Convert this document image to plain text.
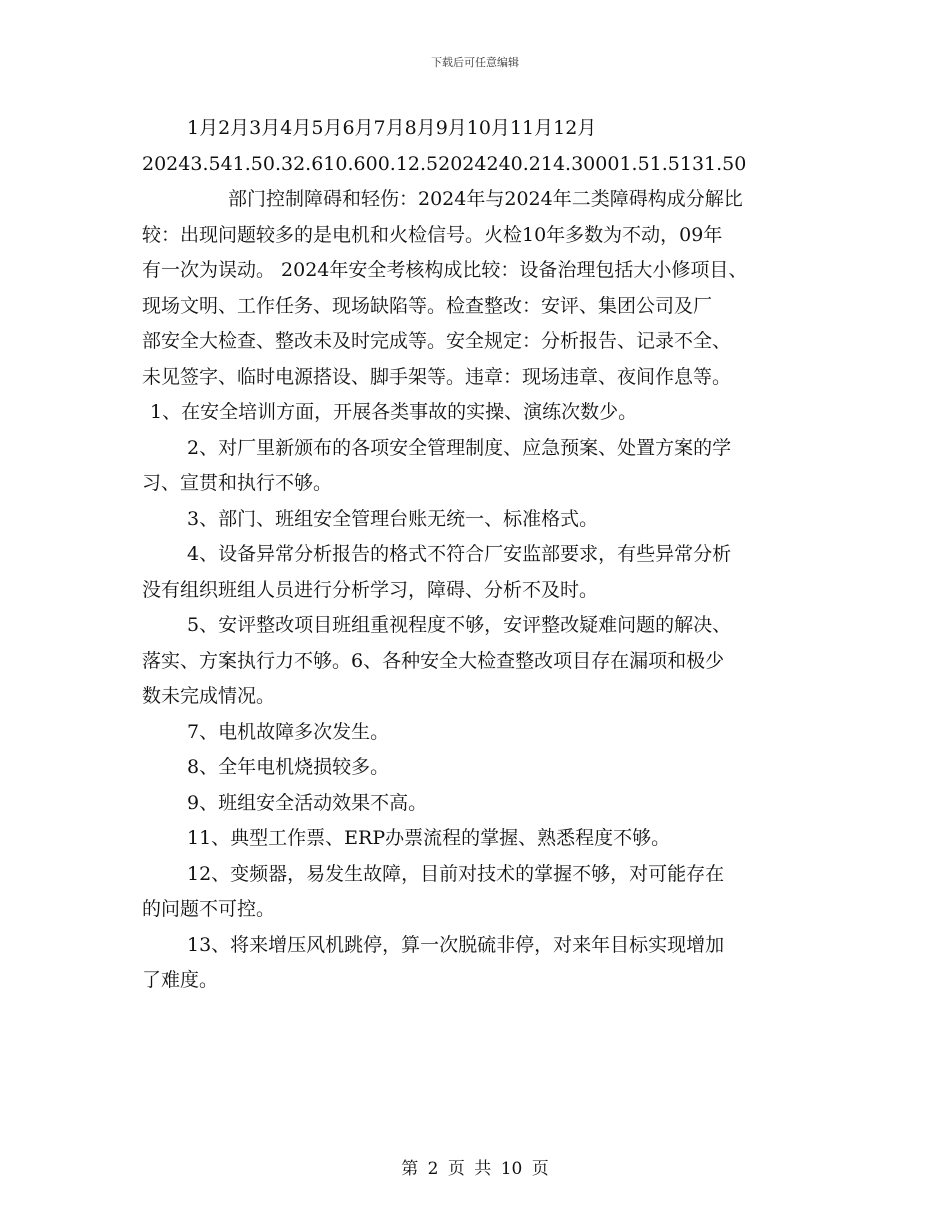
下载后可任意编辑

1月2月3月4月5月6月7月8月9月10月11月12月

20243.541.50.32.610.600.12.52024240.214.30001.51.5131.50

部门控制障碍和轻伤：2024年与2024年二类障碍构成分解比

较：出现问题较多的是电机和火检信号。火检10年多数为不动，09年

有一次为误动。 2024年安全考核构成比较：设备治理包括大小修项目、

现场文明、工作任务、现场缺陷等。检查整改：安评、集团公司及厂

部安全大检查、整改未及时完成等。安全规定：分析报告、记录不全、

未见签字、临时电源搭设、脚手架等。违章：现场违章、夜间作息等。

1、在安全培训方面，开展各类事故的实操、演练次数少。

2、对厂里新颁布的各项安全管理制度、应急预案、处置方案的学

习、宣贯和执行不够。

3、部门、班组安全管理台账无统一、标准格式。

4、设备异常分析报告的格式不符合厂安监部要求，有些异常分析

没有组织班组人员进行分析学习，障碍、分析不及时。

5、安评整改项目班组重视程度不够，安评整改疑难问题的解决、

落实、方案执行力不够。6、各种安全大检查整改项目存在漏项和极少

数未完成情况。

7、电机故障多次发生。

8、全年电机烧损较多。

9、班组安全活动效果不高。

11、典型工作票、ERP办票流程的掌握、熟悉程度不够。

12、变频器，易发生故障，目前对技术的掌握不够，对可能存在

的问题不可控。

13、将来增压风机跳停，算一次脱硫非停，对来年目标实现增加

了难度。

第 2 页 共 10 页
